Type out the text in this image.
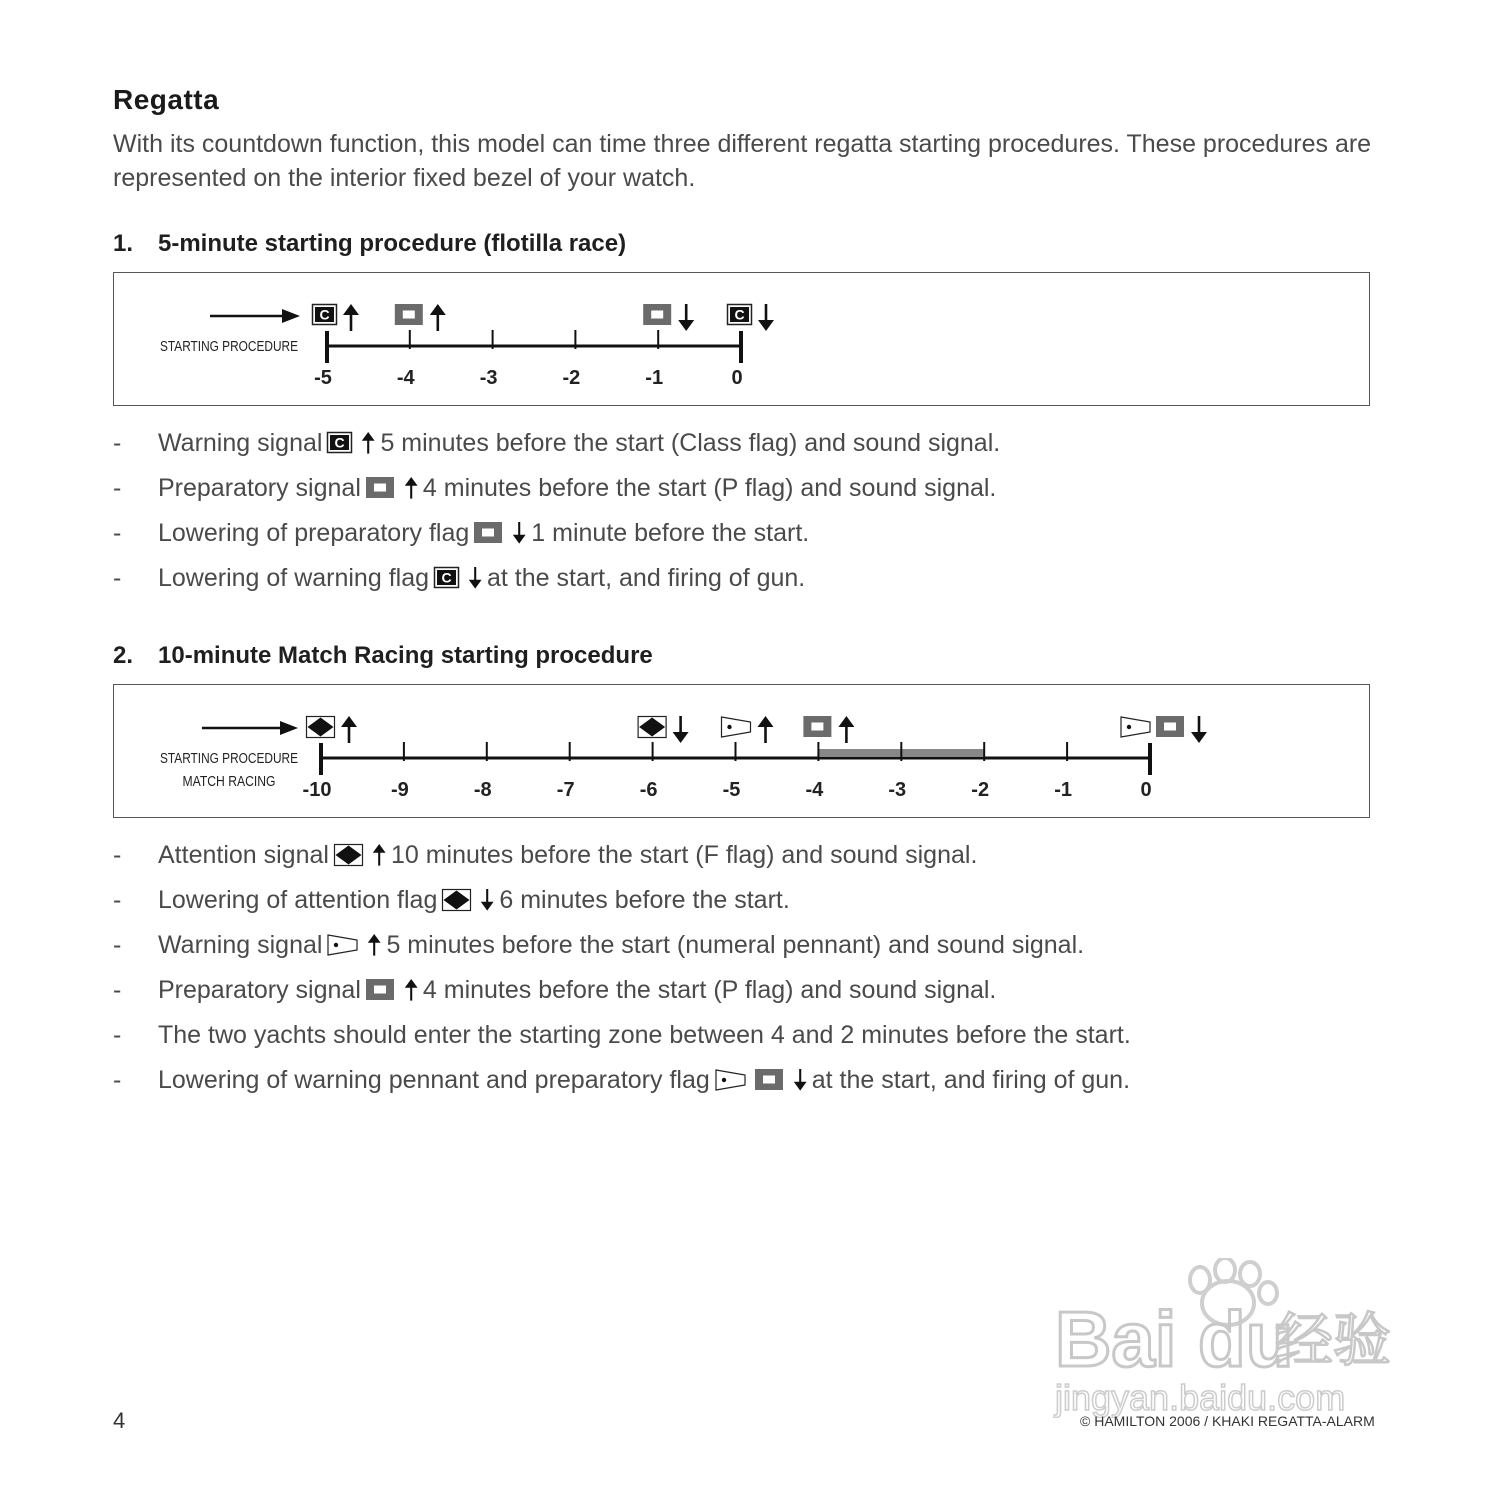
Regatta

With its countdown function, this model can time three different regatta starting procedures. These procedures are represented on the interior fixed bezel of your watch.

1. 5-minute starting procedure (flotilla race)
STARTING PROCEDURE
-5	-4	-3	-2	-1	0
C	C
-	Warning signal C 5 minutes before the start (Class flag) and sound signal.
-	Preparatory signal 4 minutes before the start (P flag) and sound signal.
-	Lowering of preparatory flag 1 minute before the start.
-	Lowering of warning flag C at the start, and firing of gun.
2. 10-minute Match Racing starting procedure
STARTING PROCEDURE
MATCH RACING -10	-9	-8	-7	-6	-5	-4	-3	-2	-1	0
-	Attention signal 10 minutes before the start (F flag) and sound signal.
-	Lowering of attention flag 6 minutes before the start.
-	Warning signal	5 minutes before the start (numeral pennant) and sound signal.
-	Preparatory signal 4 minutes before the start (P flag) and sound signal.
-	The two yachts should enter the starting zone between 4 and 2 minutes before the start.
-	Lowering of warning pennant and preparatory flag	at the start, and firing of gun.
Bai du
经验
jingyan.baidu.com
4	© HAMILTON 2006 / KHAKI REGATTA-ALARM
